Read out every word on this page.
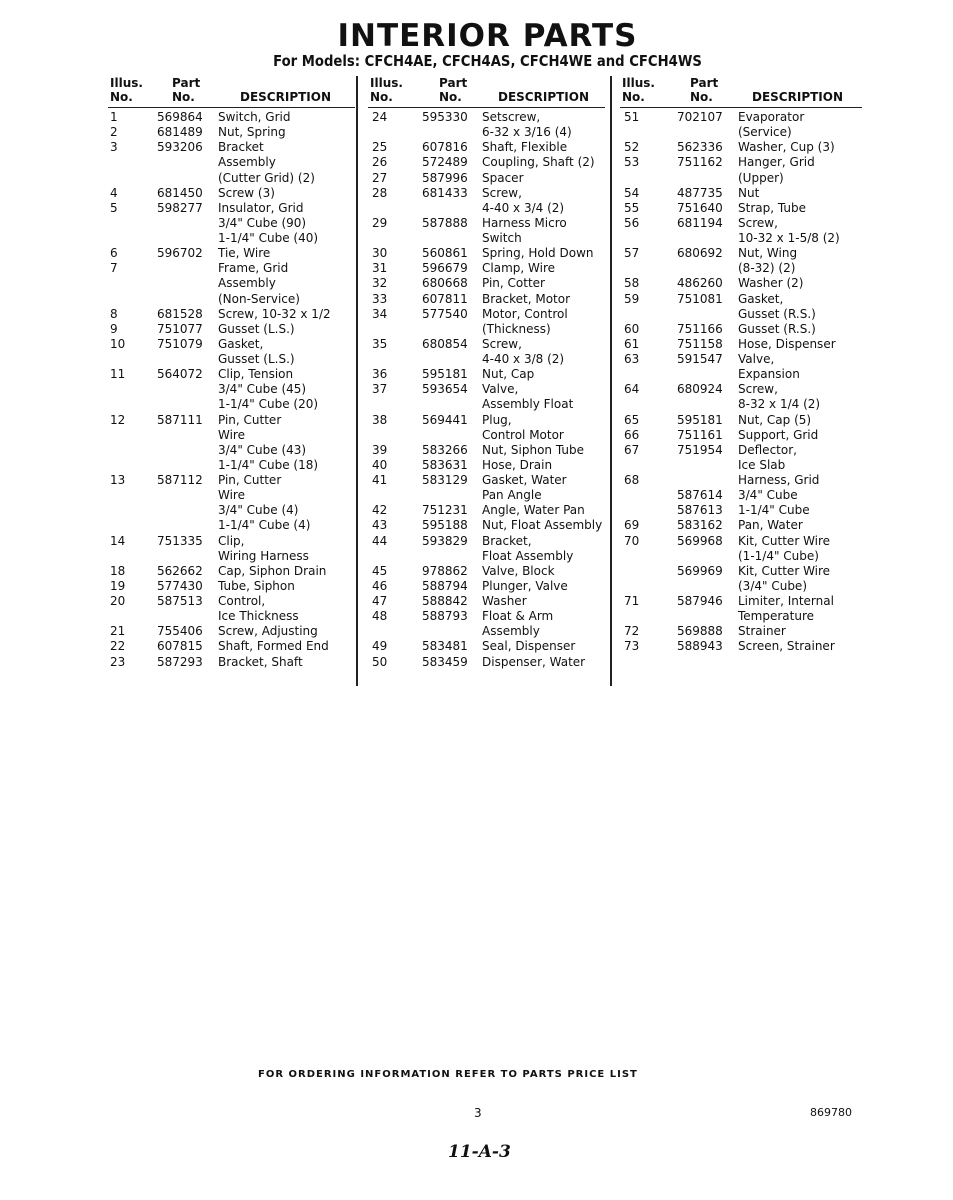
INTERIOR PARTS
For Models: CFCH4AE, CFCH4AS, CFCH4WE and CFCH4WS
Illus.
No.
Part
No.	DESCRIPTION
1	569864 Switch, Grid
2	681489 Nut, Spring
3	593206 Bracket
Assembly
(Cutter Grid) (2)
4	681450 Screw (3)
5	598277 Insulator, Grid
3/4" Cube (90)
1-1/4" Cube (40)
6	596702 Tie, Wire
7	Frame, Grid
Assembly
(Non-Service)
8	681528 Screw, 10-32 x 1/2
9	751077 Gusset (L.S.)
10	751079 Gasket,
Gusset (L.S.)
11	564072 Clip, Tension
3/4" Cube (45)
1-1/4" Cube (20)
12	587111 Pin, Cutter
Wire
3/4" Cube (43)
1-1/4" Cube (18)
13	587112 Pin, Cutter
Wire
3/4" Cube (4)
1-1/4" Cube (4)
14	751335 Clip,
Wiring Harness
18	562662 Cap, Siphon Drain
19	577430 Tube, Siphon
20	587513 Control,
Ice Thickness
21	755406 Screw, Adjusting
22	607815 Shaft, Formed End
23	587293 Bracket, Shaft
Illus.
No.
Part
No.	DESCRIPTION
24	595330 Setscrew,
6-32 x 3/16 (4)
25	607816 Shaft, Flexible
26	572489 Coupling, Shaft (2)
27	587996 Spacer
28	681433 Screw,
4-40 x 3/4 (2)
29	587888 Harness Micro
Switch
30	560861 Spring, Hold Down
31	596679 Clamp, Wire
32	680668 Pin, Cotter
33	607811 Bracket, Motor
34	577540 Motor, Control
(Thickness)
35	680854 Screw,
4-40 x 3/8 (2)
36	595181 Nut, Cap
37	593654 Valve,
Assembly Float
38	569441 Plug,
Control Motor
39	583266 Nut, Siphon Tube
40	583631 Hose, Drain
41	583129 Gasket, Water
Pan Angle
42	751231 Angle, Water Pan
43	595188 Nut, Float Assembly
44	593829 Bracket,
Float Assembly
45	978862 Valve, Block
46	588794 Plunger, Valve
47	588842 Washer
48	588793 Float & Arm
Assembly
49	583481 Seal, Dispenser
50	583459 Dispenser, Water
Illus.
No.
Part
No.	DESCRIPTION
51	702107 Evaporator
(Service)
52	562336 Washer, Cup (3)
53	751162 Hanger, Grid
(Upper)
54	487735 Nut
55	751640 Strap, Tube
56	681194 Screw,
10-32 x 1-5/8 (2)
57	680692 Nut, Wing
(8-32) (2)
58	486260 Washer (2)
59	751081 Gasket,
Gusset (R.S.)
60	751166 Gusset (R.S.)
61	751158 Hose, Dispenser
63	591547 Valve,
Expansion
64	680924 Screw,
8-32 x 1/4 (2)
65	595181 Nut, Cap (5)
66	751161 Support, Grid
67	751954 Deflector,
Ice Slab
68	Harness, Grid
587614 3/4" Cube
587613 1-1/4" Cube
69	583162 Pan, Water
70	569968 Kit, Cutter Wire
(1-1/4" Cube)
569969 Kit, Cutter Wire
(3/4" Cube)
71	587946 Limiter, Internal
Temperature
72	569888 Strainer
73	588943 Screen, Strainer
FOR ORDERING INFORMATION REFER TO PARTS PRICE LIST
3	869780
11-A-3
